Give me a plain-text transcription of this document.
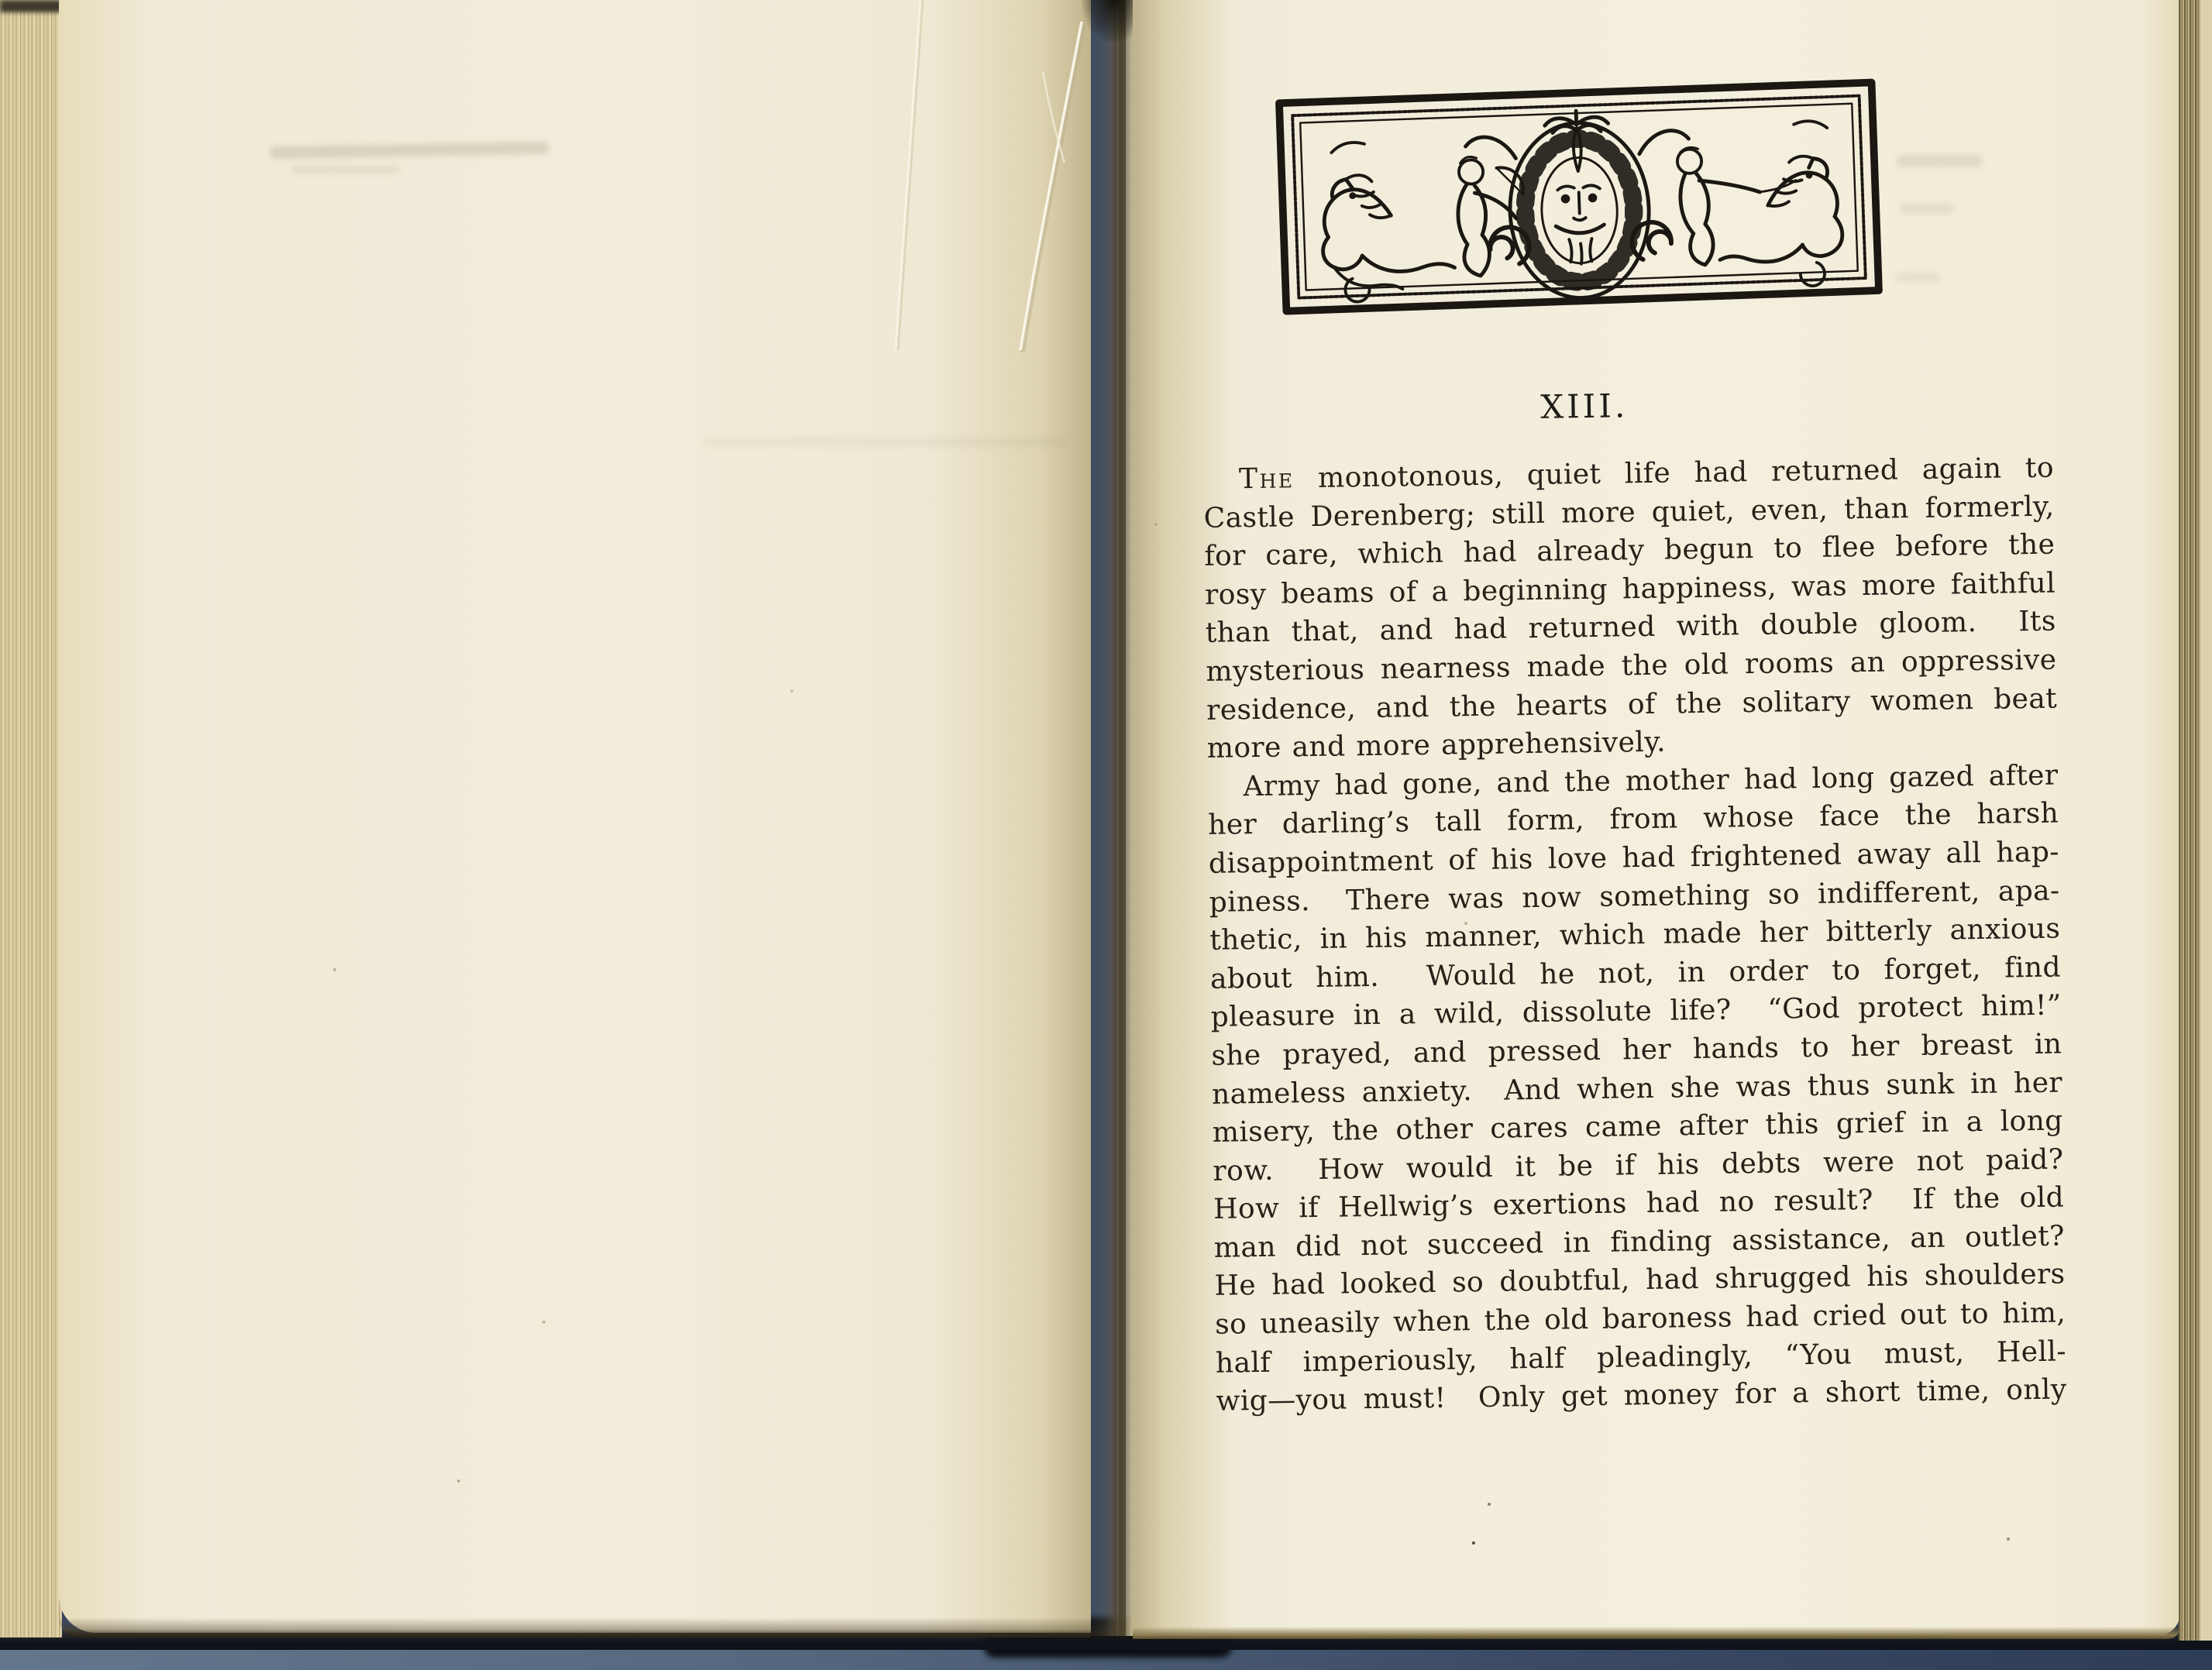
XIII.
The monotonous, quiet life had returned again to
Castle Derenberg; still more quiet, even, than formerly,
for care, which had already begun to flee before the
rosy beams of a beginning happiness, was more faithful
than that, and had returned with double gloom.  Its
mysterious nearness made the old rooms an oppressive
residence, and the hearts of the solitary women beat
more and more apprehensively.
Army had gone, and the mother had long gazed after
her darling’s tall form, from whose face the harsh
disappointment of his love had frightened away all hap-
piness.  There was now something so indifferent, apa-
thetic, in his manner, which made her bitterly anxious
about him.  Would he not, in order to forget, find
pleasure in a wild, dissolute life?  “God protect him!”
she prayed, and pressed her hands to her breast in
nameless anxiety.  And when she was thus sunk in her
misery, the other cares came after this grief in a long
row.  How would it be if his debts were not paid?
How if Hellwig’s exertions had no result?  If the old
man did not succeed in finding assistance, an outlet?
He had looked so doubtful, had shrugged his shoulders
so uneasily when the old baroness had cried out to him,
half imperiously, half pleadingly, “You must, Hell-
wig—you must!  Only get money for a short time, only
